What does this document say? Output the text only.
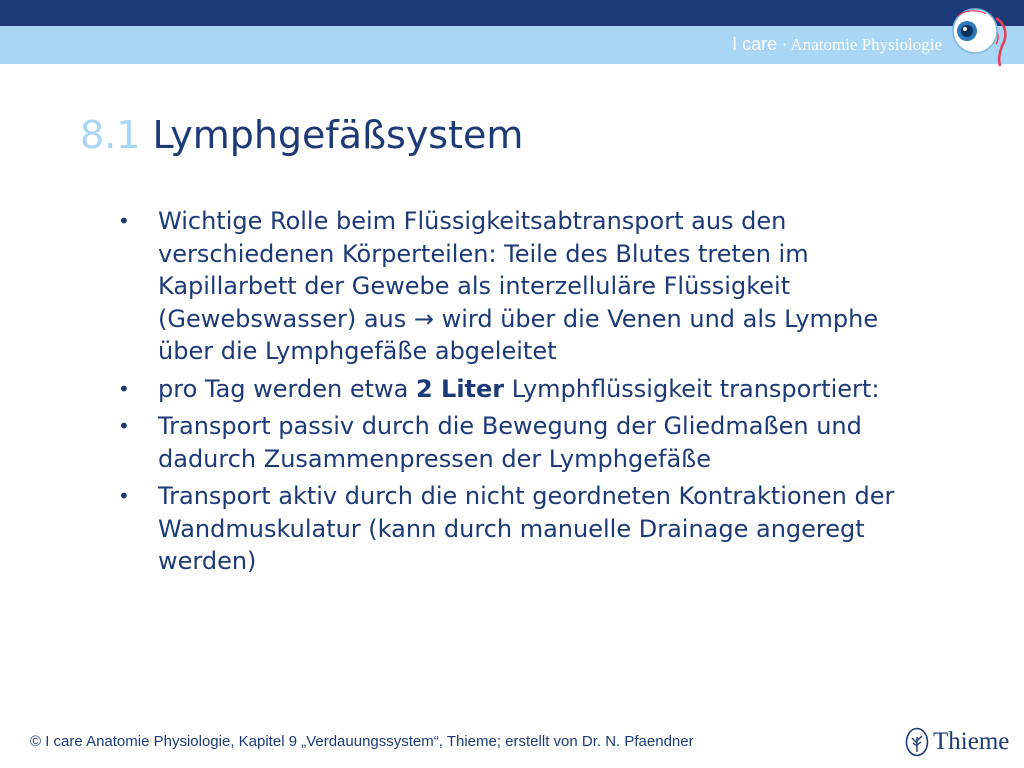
I care · Anatomie Physiologie
8.1 Lymphgefäßsystem
• Wichtige Rolle beim Flüssigkeitsabtransport aus den verschiedenen Körperteilen: Teile des Blutes treten im Kapillarbett der Gewebe als interzelluläre Flüssigkeit (Gewebswasser) aus → wird über die Venen und als Lymphe über die Lymphgefäße abgeleitet
• pro Tag werden etwa 2 Liter Lymphflüssigkeit transportiert:
• Transport passiv durch die Bewegung der Gliedmaßen und dadurch Zusammenpressen der Lymphgefäße
• Transport aktiv durch die nicht geordneten Kontraktionen der Wandmuskulatur (kann durch manuelle Drainage angeregt werden)
© I care Anatomie Physiologie, Kapitel 9 „Verdauungssystem“, Thieme; erstellt von Dr. N. Pfaendner	Thieme
